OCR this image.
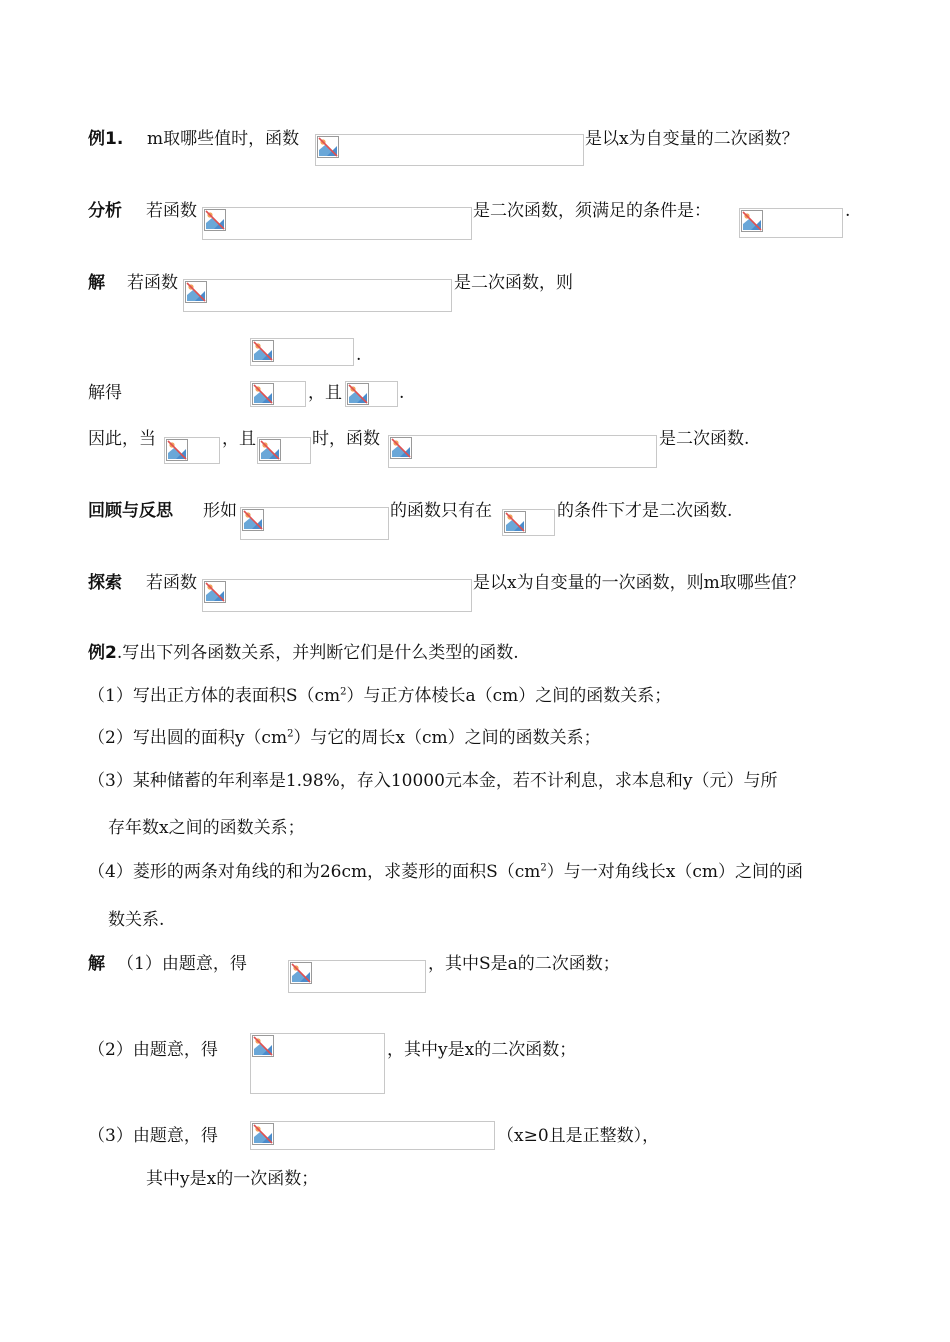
例1. m取哪些值时，函数	是以x为自变量的二次函数？
分析 若函数	是二次函数，须满足的条件是：	.
解 若函数	是二次函数，则
.
解得	，且	.
因此，当	，且	时，函数	是二次函数.
回顾与反思 形如	的函数只有在	的条件下才是二次函数.
探索 若函数	是以x为自变量的一次函数，则m取哪些值？
例2.写出下列各函数关系，并判断它们是什么类型的函数.
（1）写出正方体的表面积$S(cm^2)$与正方体棱长a（cm）之间的函数关系；
（2）写出圆的面积$y(cm^2)$与它的周长x（cm）之间的函数关系；
（3）某种储蓄的年利率是1.98%，存入10000元本金，若不计利息，求本息和y（元）与所
存年数x之间的函数关系；
（4）菱形的两条对角线的和为26cm，求菱形的面积$S(cm^2)$与一对角线长x（cm）之间的函
数关系.
解 （1）由题意，得	，其中S是a的二次函数；
（2）由题意，得	，其中y是x的二次函数；
（3）由题意，得	（x≥0且是正整数），
其中y是x的一次函数；
